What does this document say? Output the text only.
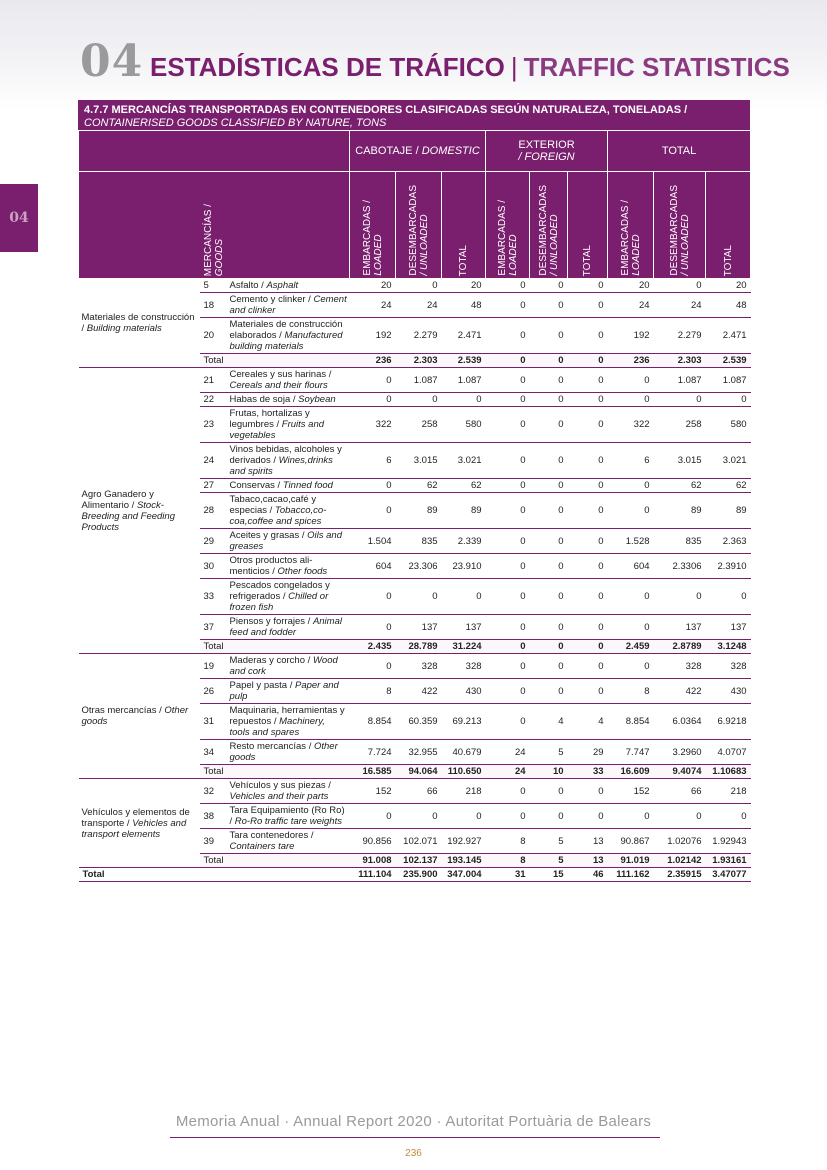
04 ESTADÍSTICAS DE TRÁFICO | TRAFFIC STATISTICS
04
4.7.7 MERCANCÍAS TRANSPORTADAS EN CONTENEDORES CLASIFICADAS SEGÚN NATURALEZA, TONELADAS / CONTAINERISED GOODS CLASSIFIED BY NATURE, TONS
			CABOTAJE / DOMESTIC			EXTERIOR
/ FOREIGN			TOTAL		

MERCANCÍAS /
GOODS			EMBARCADAS /
LOADED	DESEMBARCADAS
/ UNLOADED	TOTAL	EMBARCADAS /
LOADED	DESEMBARCADAS
/ UNLOADED	TOTAL	EMBARCADAS /
LOADED	DESEMBARCADAS
/ UNLOADED	TOTAL

Materiales de construcción / Building materials	5	Asfalto / Asphalt	20	0	20	0	0	0	20	0	20
	18	Cemento y clinker / Cement and clinker	24	24	48	0	0	0	24	24	48
	20	Materiales de construcción elaborados / Manufactured building materials	192	2.279	2.471	0	0	0	192	2.279	2.471
	Total		236	2.303	2.539	0	0	0	236	2.303	2.539
Agro Ganadero y Alimentario / Stock-Breeding and Feeding Products	21	Cereales y sus harinas / Cereals and their flours	0	1.087	1.087	0	0	0	0	1.087	1.087
	22	Habas de soja / Soybean	0	0	0	0	0	0	0	0	0
	23	Frutas, hortalizas y legumbres / Fruits and vegetables	322	258	580	0	0	0	322	258	580
	24	Vinos bebidas, alcoholes y derivados / Wines,drinks and spirits	6	3.015	3.021	0	0	0	6	3.015	3.021
	27	Conservas / Tinned food	0	62	62	0	0	0	0	62	62
	28	Tabaco,cacao,café y especias / Tobacco,cocoa,coffee and spices	0	89	89	0	0	0	0	89	89
	29	Aceites y grasas / Oils and greases	1.504	835	2.339	0	0	0	1.528	835	2.363
	30	Otros productos alimenticios / Other foods	604	23.306	23.910	0	0	0	604	2.3306	2.3910
	33	Pescados congelados y refrigerados / Chilled or frozen fish	0	0	0	0	0	0	0	0	0
	37	Piensos y forrajes / Animal feed and fodder	0	137	137	0	0	0	0	137	137
	Total		2.435	28.789	31.224	0	0	0	2.459	2.8789	3.1248
Otras mercancías / Other goods	19	Maderas y corcho / Wood and cork	0	328	328	0	0	0	0	328	328
	26	Papel y pasta / Paper and pulp	8	422	430	0	0	0	8	422	430
	31	Maquinaria, herramientas y repuestos / Machinery, tools and spares	8.854	60.359	69.213	0	4	4	8.854	6.0364	6.9218
	34	Resto mercancías / Other goods	7.724	32.955	40.679	24	5	29	7.747	3.2960	4.0707
	Total		16.585	94.064	110.650	24	10	33	16.609	9.4074	1.10683
Vehículos y elementos de transporte / Vehicles and transport elements	32	Vehículos y sus piezas / Vehicles and their parts	152	66	218	0	0	0	152	66	218
	38	Tara Equipamiento (Ro Ro) / Ro-Ro traffic tare weights	0	0	0	0	0	0	0	0	0
	39	Tara contenedores / Containers tare	90.856	102.071	192.927	8	5	13	90.867	1.02076	1.92943
	Total		91.008	102.137	193.145	8	5	13	91.019	1.02142	1.93161
Total			111.104	235.900	347.004	31	15	46	111.162	2.35915	3.47077
Memoria Anual · Annual Report 2020 · Autoritat Portuària de Balears
236
